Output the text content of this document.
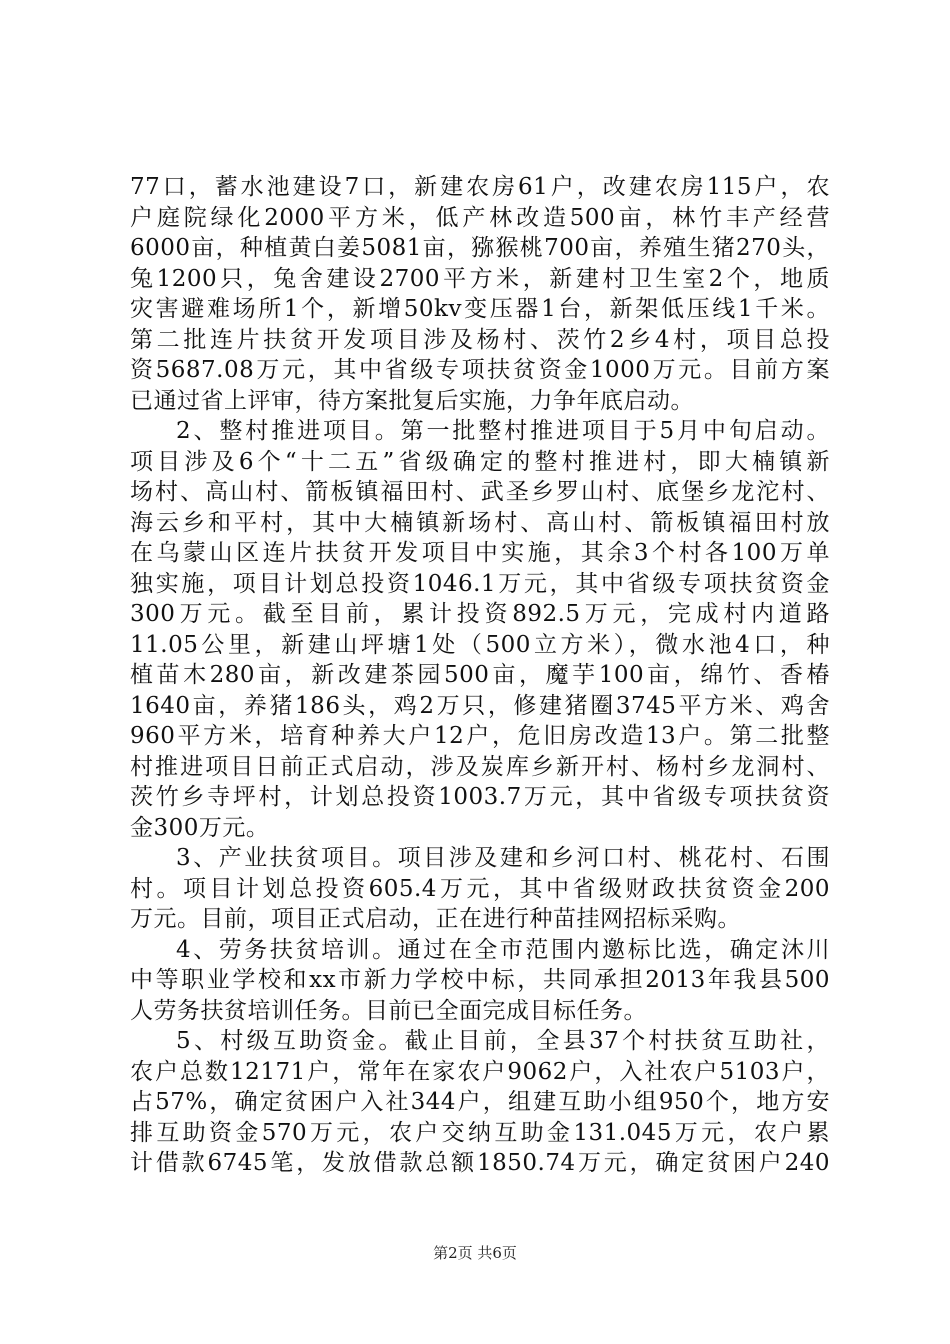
77口，蓄水池建设7口，新建农房61户，改建农房115户，农
户庭院绿化2000平方米，低产林改造500亩，林竹丰产经营
6000亩，种植黄白姜5081亩，猕猴桃700亩，养殖生猪270头，
兔1200只，兔舍建设2700平方米，新建村卫生室2个，地质
灾害避难场所1个，新增50kv变压器1台，新架低压线1千米。
第二批连片扶贫开发项目涉及杨村、茨竹2乡4村，项目总投
资5687.08万元，其中省级专项扶贫资金1000万元。目前方案
已通过省上评审，待方案批复后实施，力争年底启动。
2、整村推进项目。第一批整村推进项目于5月中旬启动。
项目涉及6个“十二五”省级确定的整村推进村，即大楠镇新
场村、高山村、箭板镇福田村、武圣乡罗山村、底堡乡龙沱村、
海云乡和平村，其中大楠镇新场村、高山村、箭板镇福田村放
在乌蒙山区连片扶贫开发项目中实施，其余3个村各100万单
独实施，项目计划总投资1046.1万元，其中省级专项扶贫资金
300万元。截至目前，累计投资892.5万元，完成村内道路
11.05公里，新建山坪塘1处（500立方米），微水池4口，种
植苗木280亩，新改建茶园500亩，魔芋100亩，绵竹、香椿
1640亩，养猪186头，鸡2万只，修建猪圈3745平方米、鸡舍
960平方米，培育种养大户12户，危旧房改造13户。第二批整
村推进项目日前正式启动，涉及炭库乡新开村、杨村乡龙洞村、
茨竹乡寺坪村，计划总投资1003.7万元，其中省级专项扶贫资
金300万元。
3、产业扶贫项目。项目涉及建和乡河口村、桃花村、石围
村。项目计划总投资605.4万元，其中省级财政扶贫资金200
万元。目前，项目正式启动，正在进行种苗挂网招标采购。
4、劳务扶贫培训。通过在全市范围内邀标比选，确定沐川
中等职业学校和xx市新力学校中标，共同承担2013年我县500
人劳务扶贫培训任务。目前已全面完成目标任务。
5、村级互助资金。截止目前，全县37个村扶贫互助社，
农户总数12171户，常年在家农户9062户，入社农户5103户，
占57%，确定贫困户入社344户，组建互助小组950个，地方安
排互助资金570万元，农户交纳互助金131.045万元，农户累
计借款6745笔，发放借款总额1850.74万元，确定贫困户240
第2页 共6页
